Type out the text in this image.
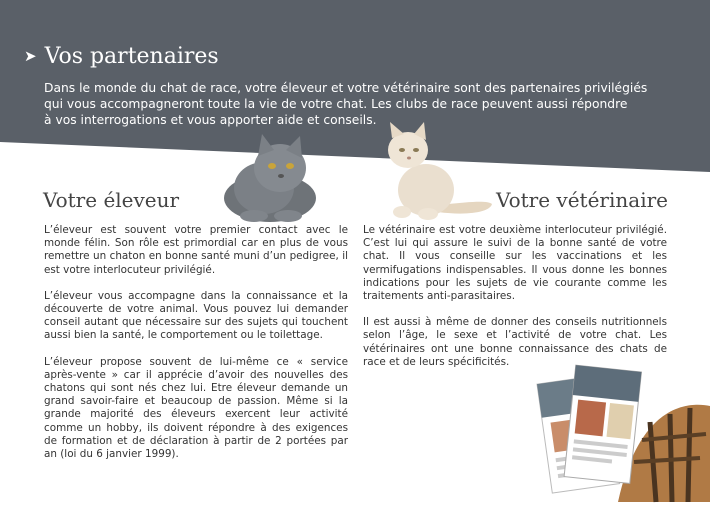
➤ Vos partenaires

Dans le monde du chat de race, votre éleveur et votre vétérinaire sont des partenaires privilégiés
qui vous accompagneront toute la vie de votre chat. Les clubs de race peuvent aussi répondre
à vos interrogations et vous apporter aide et conseils.

Votre éleveur	Votre vétérinaire

L’éleveur est souvent votre premier contact avec le monde félin. Son rôle est primordial car en plus de vous remettre un chaton en bonne santé muni d’un pedigree, il est votre interlocuteur privilégié.

L’éleveur vous accompagne dans la connaissance et la découverte de votre animal. Vous pouvez lui demander conseil autant que nécessaire sur des sujets qui touchent aussi bien la santé, le comportement ou le toilettage.

L’éleveur propose souvent de lui-même ce « service après-vente » car il apprécie d’avoir des nouvelles des chatons qui sont nés chez lui. Etre éleveur demande un grand savoir-faire et beaucoup de passion. Même si la grande majorité des éleveurs exercent leur activité comme un hobby, ils doivent répondre à des exigences de formation et de déclaration à partir de 2 portées par an (loi du 6 janvier 1999).

Le vétérinaire est votre deuxième interlocuteur privilégié. C’est lui qui assure le suivi de la bonne santé de votre chat. Il vous conseille sur les vaccinations et les vermifugations indispensables. Il vous donne les bonnes indications pour les sujets de vie courante comme les traitements anti-parasitaires.

Il est aussi à même de donner des conseils nutritionnels selon l’âge, le sexe et l’activité de votre chat. Les vétérinaires ont une bonne connaissance des chats de race et de leurs spécificités.
